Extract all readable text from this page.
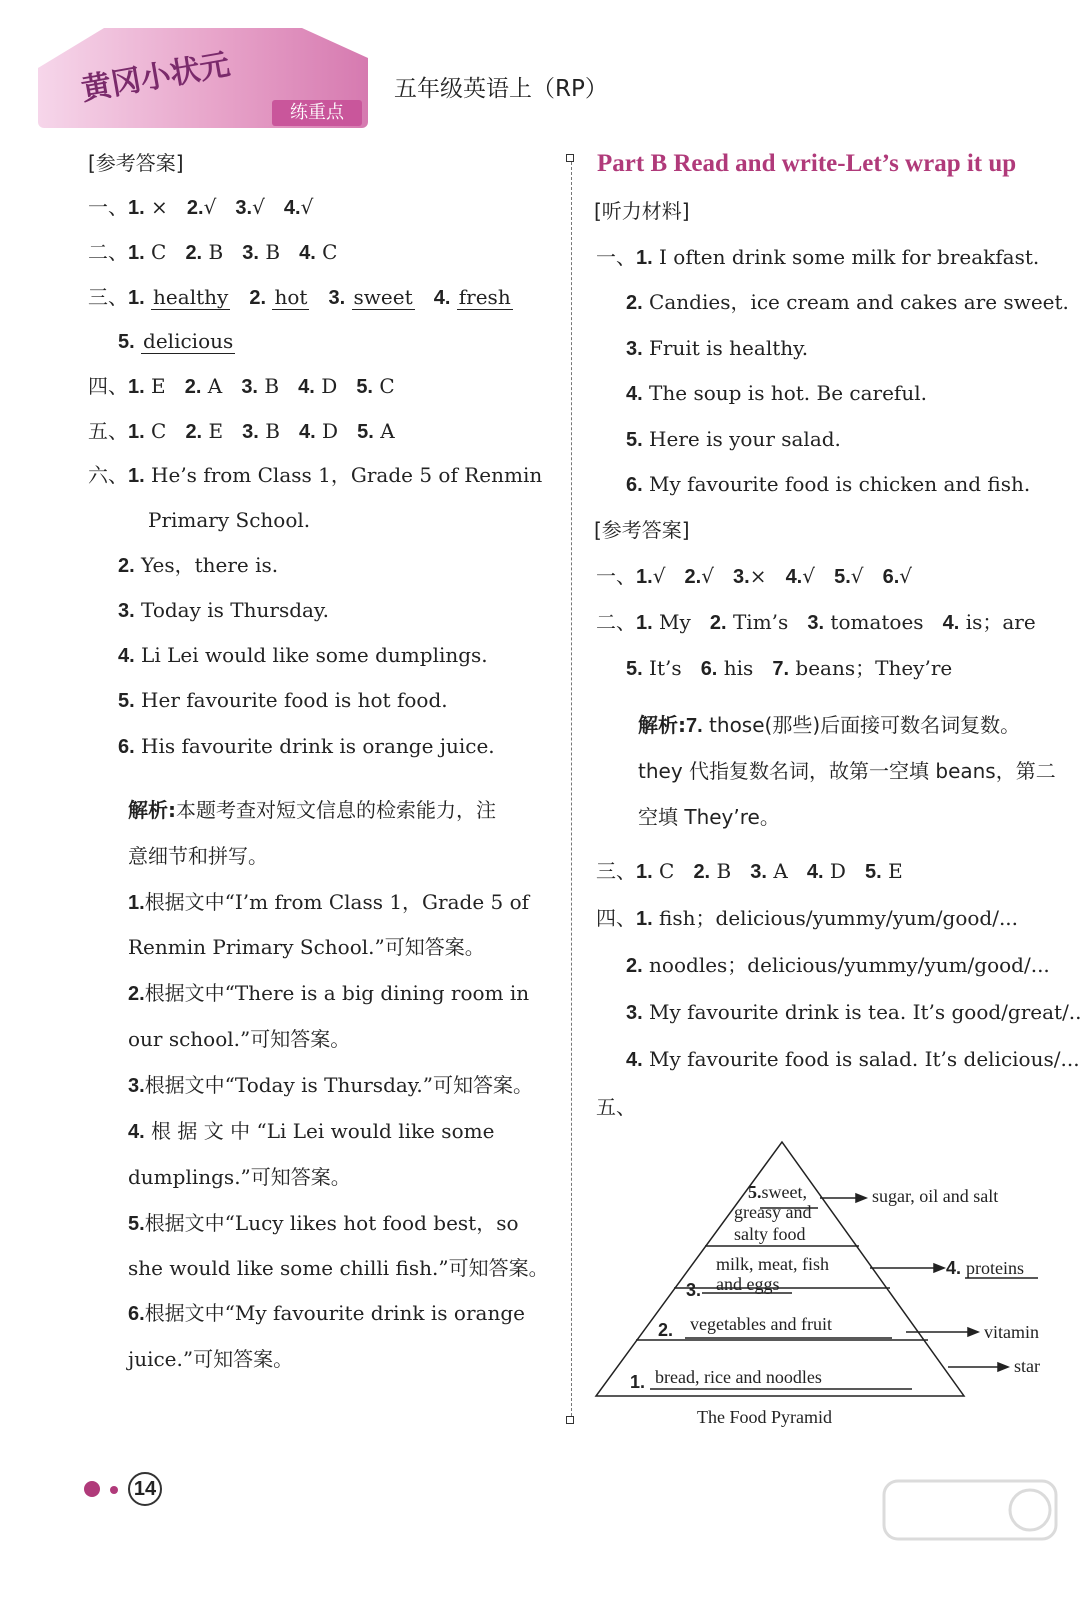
黄冈小状元
练重点
五年级英语上（RP）
[参考答案]
一、1. × 2.√ 3.√ 4.√
二、1. C 2. B 3. B 4. C
三、1. healthy 2. hot 3. sweet 4. fresh
5. delicious
四、1. E 2. A 3. B 4. D 5. C
五、1. C 2. E 3. B 4. D 5. A
六、1. He’s from Class 1，Grade 5 of Renmin
Primary School.
2. Yes，there is.
3. Today is Thursday.
4. Li Lei would like some dumplings.
5. Her favourite food is hot food.
6. His favourite drink is orange juice.
解析:本题考查对短文信息的检索能力，注
意细节和拼写。
1.根据文中“I’m from Class 1，Grade 5 of
Renmin Primary School.”可知答案。
2.根据文中“There is a big dining room in
our school.”可知答案。
3.根据文中“Today is Thursday.”可知答案。
4. 根 据 文 中 “Li Lei would like some
dumplings.”可知答案。
5.根据文中“Lucy likes hot food best，so
she would like some chilli fish.”可知答案。
6.根据文中“My favourite drink is orange
juice.”可知答案。
Part B Read and write-Let’s wrap it up
[听力材料]
一、1. I often drink some milk for breakfast.
2. Candies，ice cream and cakes are sweet.
3. Fruit is healthy.
4. The soup is hot. Be careful.
5. Here is your salad.
6. My favourite food is chicken and fish.
[参考答案]
一、1.√ 2.√ 3.× 4.√ 5.√ 6.√
二、1. My 2. Tim’s 3. tomatoes 4. is；are
5. It’s 6. his 7. beans；They’re
解析:7. those(那些)后面接可数名词复数。
they 代指复数名词，故第一空填 beans，第二
空填 They’re。
三、1. C 2. B 3. A 4. D 5. E
四、1. fish；delicious/yummy/yum/good/...
2. noodles；delicious/yummy/yum/good/...
3. My favourite drink is tea. It’s good/great/..
4. My favourite food is salad. It’s delicious/...
五、
5.sweet,
greasy and
salty food
sugar, oil and salt
milk, meat, fish
and eggs
3.
4. proteins
2. vegetables and fruit	vitamin
1. bread, rice and noodles
star
The Food Pyramid
14
